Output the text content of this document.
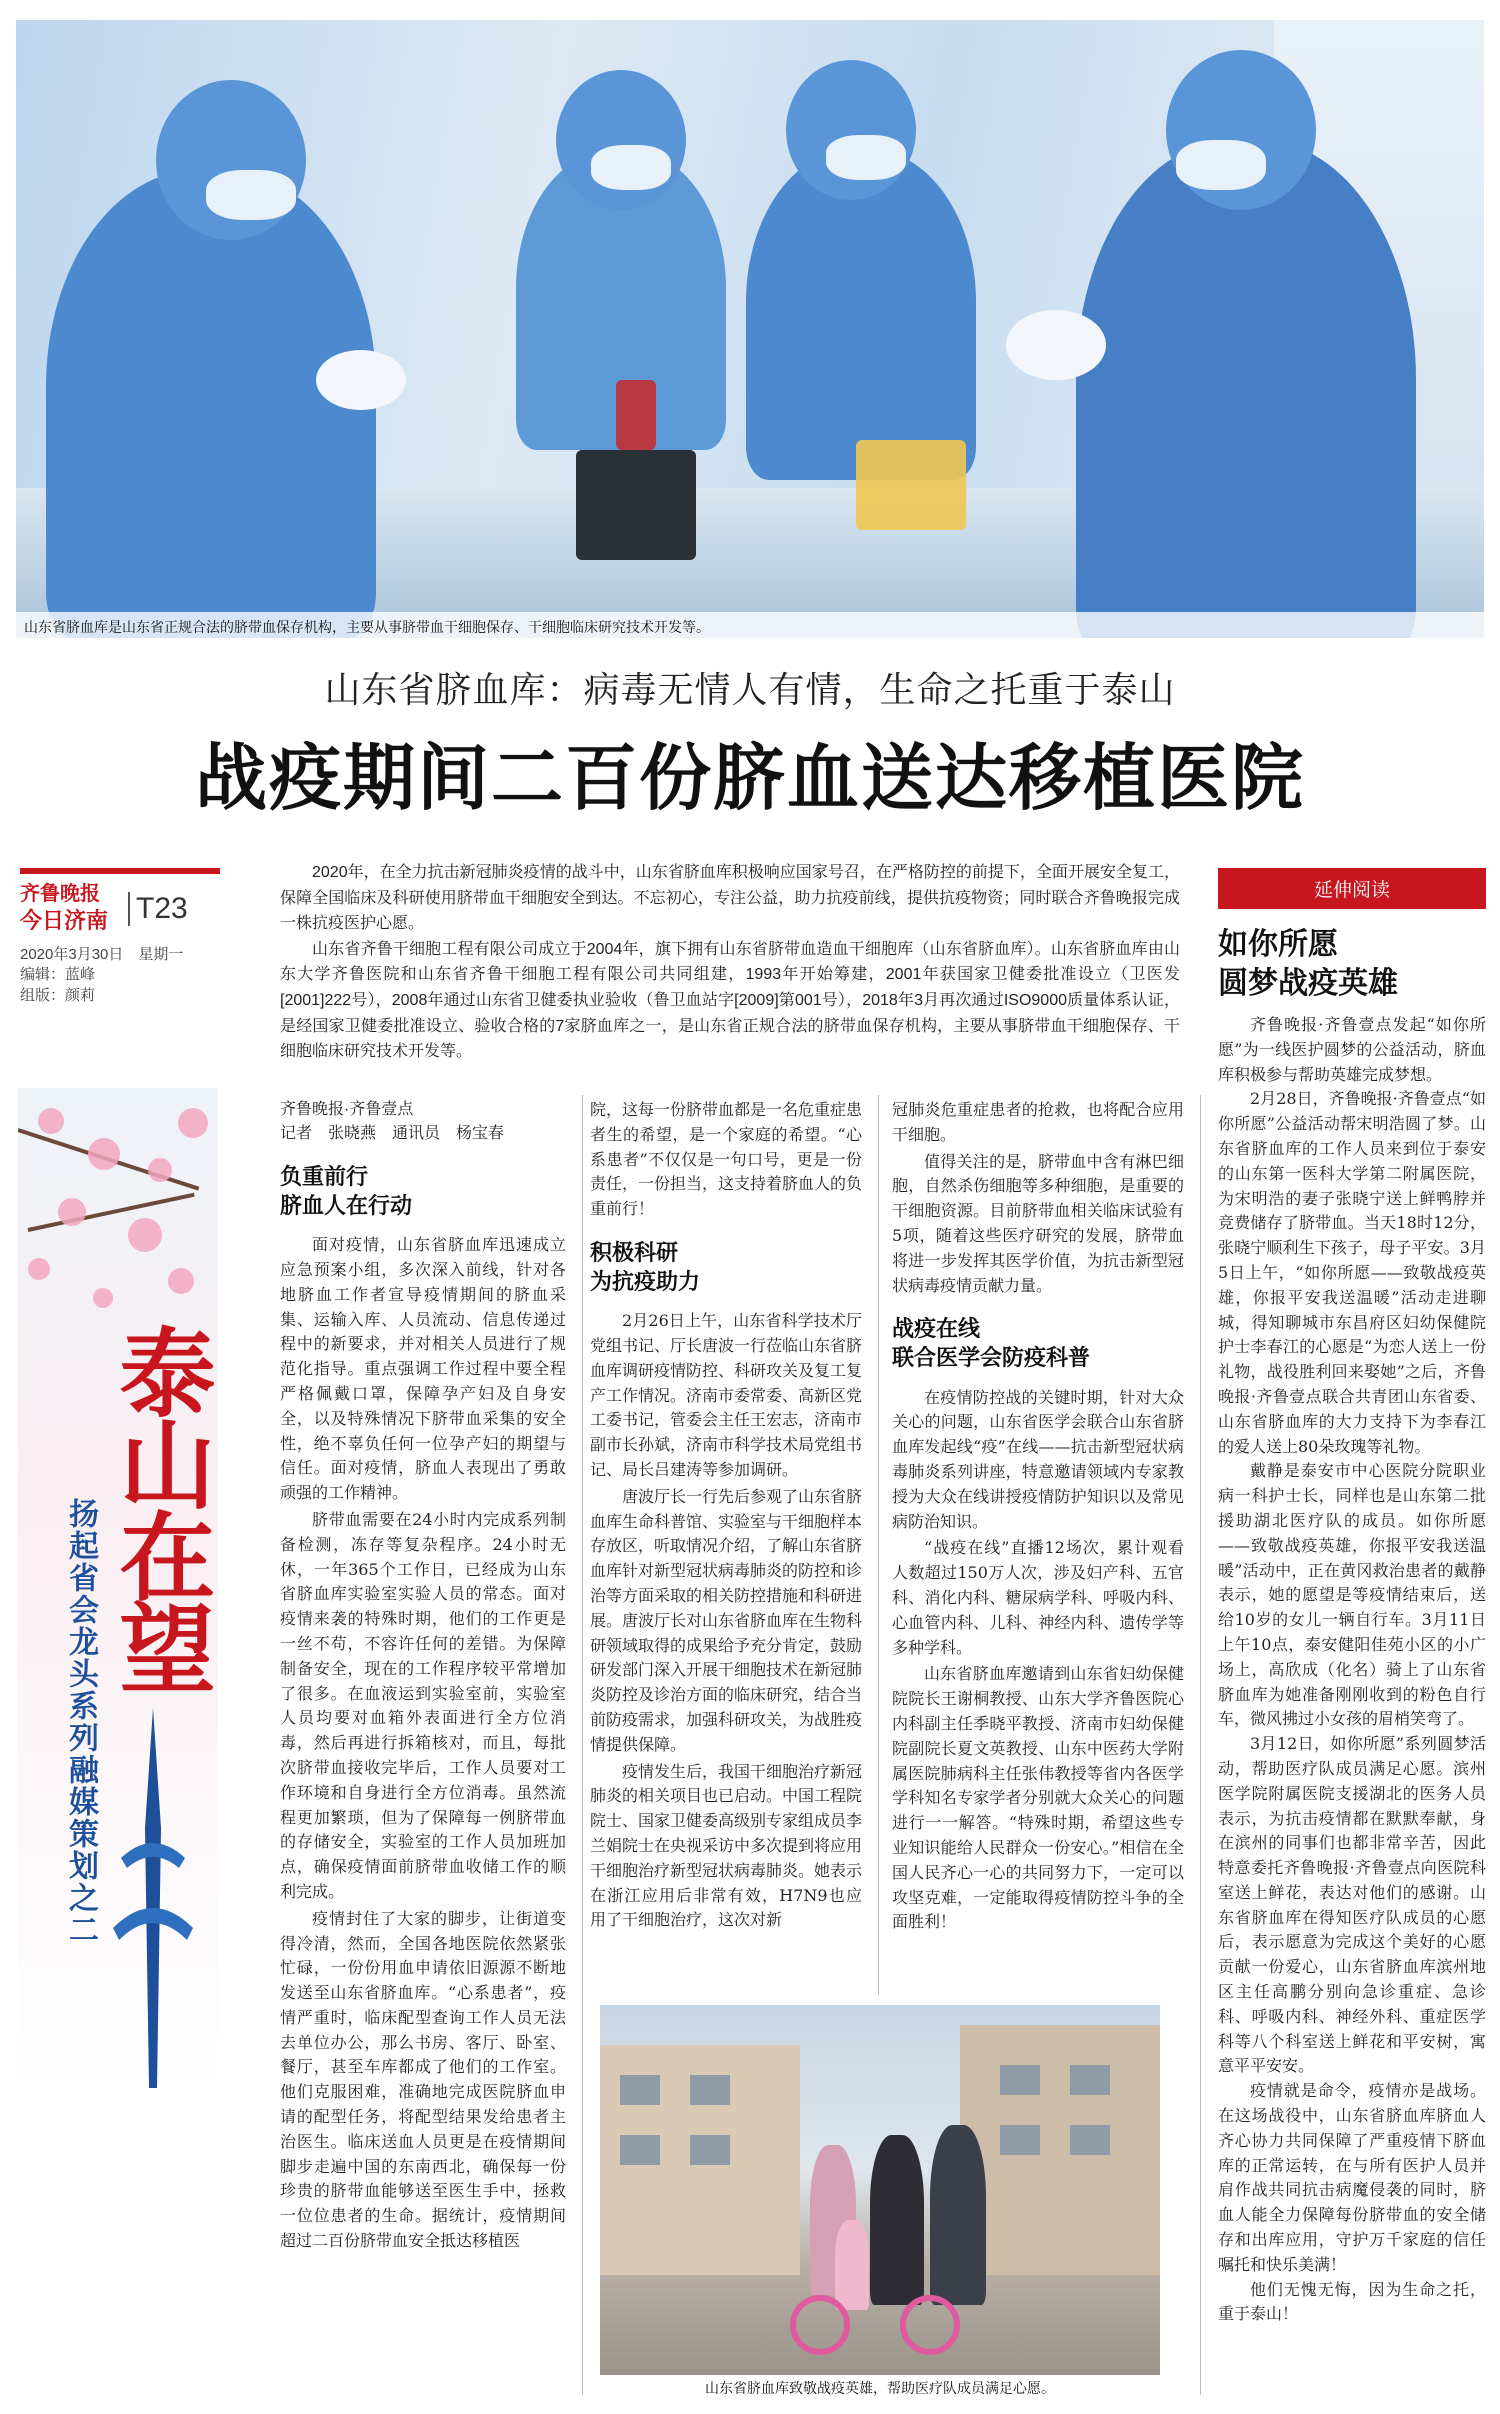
山东省脐血库是山东省正规合法的脐带血保存机构，主要从事脐带血干细胞保存、干细胞临床研究技术开发等。
山东省脐血库：病毒无情人有情，生命之托重于泰山
战疫期间二百份脐血送达移植医院
齐鲁晚报
今日济南 T23
2020年3月30日　星期一
编辑：蓝峰
组版：颜莉

2020年，在全力抗击新冠肺炎疫情的战斗中，山东省脐血库积极响应国家号召，在严格防控的前提下，全面开展安全复工，保障全国临床及科研使用脐带血干细胞安全到达。不忘初心，专注公益，助力抗疫前线，提供抗疫物资；同时联合齐鲁晚报完成一株抗疫医护心愿。

山东省齐鲁干细胞工程有限公司成立于2004年，旗下拥有山东省脐带血造血干细胞库（山东省脐血库）。山东省脐血库由山东大学齐鲁医院和山东省齐鲁干细胞工程有限公司共同组建，1993年开始筹建，2001年获国家卫健委批准设立（卫医发[2001]222号），2008年通过山东省卫健委执业验收（鲁卫血站字[2009]第001号），2018年3月再次通过ISO9000质量体系认证，是经国家卫健委批准设立、验收合格的7家脐血库之一，是山东省正规合法的脐带血保存机构，主要从事脐带血干细胞保存、干细胞临床研究技术开发等。

泰山在望
扬起省会龙头系列融媒策划之二
齐鲁晚报·齐鲁壹点
记者　张晓燕　通讯员　杨宝春
负重前行
脐血人在行动

面对疫情，山东省脐血库迅速成立应急预案小组，多次深入前线，针对各地脐血工作者宣导疫情期间的脐血采集、运输入库、人员流动、信息传递过程中的新要求，并对相关人员进行了规范化指导。重点强调工作过程中要全程严格佩戴口罩，保障孕产妇及自身安全，以及特殊情况下脐带血采集的安全性，绝不辜负任何一位孕产妇的期望与信任。面对疫情，脐血人表现出了勇敢顽强的工作精神。

脐带血需要在24小时内完成系列制备检测，冻存等复杂程序。24小时无休，一年365个工作日，已经成为山东省脐血库实验室实验人员的常态。面对疫情来袭的特殊时期，他们的工作更是一丝不苟，不容许任何的差错。为保障制备安全，现在的工作程序较平常增加了很多。在血液运到实验室前，实验室人员均要对血箱外表面进行全方位消毒，然后再进行拆箱核对，而且，每批次脐带血接收完毕后，工作人员要对工作环境和自身进行全方位消毒。虽然流程更加繁琐，但为了保障每一例脐带血的存储安全，实验室的工作人员加班加点，确保疫情面前脐带血收储工作的顺利完成。

疫情封住了大家的脚步，让街道变得冷清，然而，全国各地医院依然紧张忙碌，一份份用血申请依旧源源不断地发送至山东省脐血库。“心系患者”，疫情严重时，临床配型查询工作人员无法去单位办公，那么书房、客厅、卧室、餐厅，甚至车库都成了他们的工作室。他们克服困难，准确地完成医院脐血申请的配型任务，将配型结果发给患者主治医生。临床送血人员更是在疫情期间脚步走遍中国的东南西北，确保每一份珍贵的脐带血能够送至医生手中，拯救一位位患者的生命。据统计，疫情期间超过二百份脐带血安全抵达移植医

院，这每一份脐带血都是一名危重症患者生的希望，是一个家庭的希望。“心系患者”不仅仅是一句口号，更是一份责任，一份担当，这支持着脐血人的负重前行！

积极科研
为抗疫助力

2月26日上午，山东省科学技术厅党组书记、厅长唐波一行莅临山东省脐血库调研疫情防控、科研攻关及复工复产工作情况。济南市委常委、高新区党工委书记，管委会主任王宏志，济南市副市长孙斌，济南市科学技术局党组书记、局长吕建涛等参加调研。

唐波厅长一行先后参观了山东省脐血库生命科普馆、实验室与干细胞样本存放区，听取情况介绍，了解山东省脐血库针对新型冠状病毒肺炎的防控和诊治等方面采取的相关防控措施和科研进展。唐波厅长对山东省脐血库在生物科研领域取得的成果给予充分肯定，鼓励研发部门深入开展干细胞技术在新冠肺炎防控及诊治方面的临床研究，结合当前防疫需求，加强科研攻关，为战胜疫情提供保障。

疫情发生后，我国干细胞治疗新冠肺炎的相关项目也已启动。中国工程院院士、国家卫健委高级别专家组成员李兰娟院士在央视采访中多次提到将应用干细胞治疗新型冠状病毒肺炎。她表示在浙江应用后非常有效，H7N9也应用了干细胞治疗，这次对新

冠肺炎危重症患者的抢救，也将配合应用干细胞。

值得关注的是，脐带血中含有淋巴细胞，自然杀伤细胞等多种细胞，是重要的干细胞资源。目前脐带血相关临床试验有5项，随着这些医疗研究的发展，脐带血将进一步发挥其医学价值，为抗击新型冠状病毒疫情贡献力量。

战疫在线
联合医学会防疫科普

在疫情防控战的关键时期，针对大众关心的问题，山东省医学会联合山东省脐血库发起线“疫”在线——抗击新型冠状病毒肺炎系列讲座，特意邀请领域内专家教授为大众在线讲授疫情防护知识以及常见病防治知识。

“战疫在线”直播12场次，累计观看人数超过150万人次，涉及妇产科、五官科、消化内科、糖尿病学科、呼吸内科、心血管内科、儿科、神经内科、遗传学等多种学科。

山东省脐血库邀请到山东省妇幼保健院院长王谢桐教授、山东大学齐鲁医院心内科副主任季晓平教授、济南市妇幼保健院副院长夏文英教授、山东中医药大学附属医院肺病科主任张伟教授等省内各医学学科知名专家学者分别就大众关心的问题进行一一解答。“特殊时期，希望这些专业知识能给人民群众一份安心。”相信在全国人民齐心一心的共同努力下，一定可以攻坚克难，一定能取得疫情防控斗争的全面胜利！

山东省脐血库致敬战疫英雄，帮助医疗队成员满足心愿。
延伸阅读
如你所愿
圆梦战疫英雄

齐鲁晚报·齐鲁壹点发起“如你所愿”为一线医护圆梦的公益活动，脐血库积极参与帮助英雄完成梦想。

2月28日，齐鲁晚报·齐鲁壹点“如你所愿”公益活动帮宋明浩圆了梦。山东省脐血库的工作人员来到位于泰安的山东第一医科大学第二附属医院，为宋明浩的妻子张晓宁送上鲜鸭脖并竞费储存了脐带血。当天18时12分，张晓宁顺利生下孩子，母子平安。3月5日上午，“如你所愿——致敬战疫英雄，你报平安我送温暖”活动走进聊城，得知聊城市东昌府区妇幼保健院护士李春江的心愿是“为恋人送上一份礼物，战役胜利回来娶她”之后，齐鲁晚报·齐鲁壹点联合共青团山东省委、山东省脐血库的大力支持下为李春江的爱人送上80朵玫瑰等礼物。

戴静是泰安市中心医院分院职业病一科护士长，同样也是山东第二批援助湖北医疗队的成员。如你所愿——致敬战疫英雄，你报平安我送温暖”活动中，正在黄冈救治患者的戴静表示，她的愿望是等疫情结束后，送给10岁的女儿一辆自行车。3月11日上午10点，泰安健阳佳苑小区的小广场上，高欣成（化名）骑上了山东省脐血库为她准备刚刚收到的粉色自行车，微风拂过小女孩的眉梢笑弯了。

3月12日，如你所愿”系列圆梦活动，帮助医疗队成员满足心愿。滨州医学院附属医院支援湖北的医务人员表示，为抗击疫情都在默默奉献，身在滨州的同事们也都非常辛苦，因此特意委托齐鲁晚报·齐鲁壹点向医院科室送上鲜花，表达对他们的感谢。山东省脐血库在得知医疗队成员的心愿后，表示愿意为完成这个美好的心愿贡献一份爱心，山东省脐血库滨州地区主任高鹏分别向急诊重症、急诊科、呼吸内科、神经外科、重症医学科等八个科室送上鲜花和平安树，寓意平平安安。

疫情就是命令，疫情亦是战场。在这场战役中，山东省脐血库脐血人齐心协力共同保障了严重疫情下脐血库的正常运转，在与所有医护人员并肩作战共同抗击病魔侵袭的同时，脐血人能全力保障每份脐带血的安全储存和出库应用，守护万千家庭的信任嘱托和快乐美满！

他们无愧无悔，因为生命之托，重于泰山！
